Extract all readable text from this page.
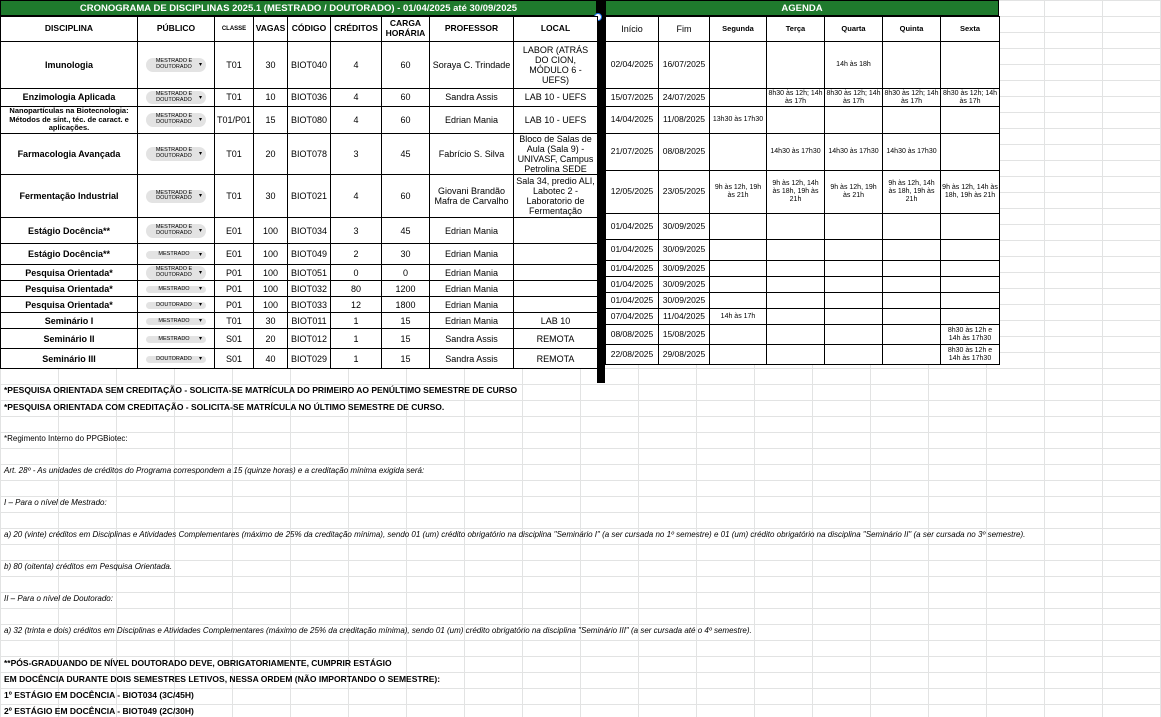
CRONOGRAMA DE DISCIPLINAS 2025.1 (MESTRADO / DOUTORADO) - 01/04/2025 até 30/09/2025	AGENDA
DISCIPLINA	PÚBLICO	CLASSE	VAGAS	CÓDIGO	CRÉDITOS	CARGA HORÁRIA	PROFESSOR	LOCAL
Imunologia	MESTRADO E DOUTORADO ▾	T01	30	BIOT040	4	60	Soraya C. Trindade	LABOR (ATRÁS DO CION, MÓDULO 6 - UEFS)
Enzimologia Aplicada	MESTRADO E DOUTORADO ▾	T01	10	BIOT036	4	60	Sandra Assis	LAB 10 - UEFS
Nanopartículas na Biotecnologia: Métodos de sínt., téc. de caract. e aplicações.	MESTRADO E DOUTORADO ▾	T01/P01	15	BIOT080	4	60	Edrian Mania	LAB 10 - UEFS
Farmacologia Avançada	MESTRADO E DOUTORADO ▾	T01	20	BIOT078	3	45	Fabrício S. Silva	Bloco de Salas de Aula (Sala 9) - UNIVASF, Campus Petrolina SEDE
Fermentação Industrial	MESTRADO E DOUTORADO ▾	T01	30	BIOT021	4	60	Giovani Brandão Mafra de Carvalho	Sala 34, predio ALI, Labotec 2 - Laboratorio de Fermentação
Estágio Docência**	MESTRADO E DOUTORADO ▾	E01	100	BIOT034	3	45	Edrian Mania	
Estágio Docência**	MESTRADO ▾	E01	100	BIOT049	2	30	Edrian Mania	
Pesquisa Orientada*	MESTRADO E DOUTORADO ▾	P01	100	BIOT051	0	0	Edrian Mania	
Pesquisa Orientada*	MESTRADO ▾	P01	100	BIOT032	80	1200	Edrian Mania	
Pesquisa Orientada*	DOUTORADO ▾	P01	100	BIOT033	12	1800	Edrian Mania	
Seminário I	MESTRADO ▾	T01	30	BIOT011	1	15	Edrian Mania	LAB 10
Seminário II	MESTRADO ▾	S01	20	BIOT012	1	15	Sandra Assis	REMOTA
Seminário III	DOUTORADO ▾	S01	40	BIOT029	1	15	Sandra Assis	REMOTA
Início	Fim	Segunda	Terça	Quarta	Quinta	Sexta
02/04/2025	16/07/2025			14h às 18h		
15/07/2025	24/07/2025		8h30 às 12h; 14h às 17h	8h30 às 12h; 14h às 17h	8h30 às 12h; 14h às 17h	8h30 às 12h; 14h às 17h
14/04/2025	11/08/2025	13h30 às 17h30				
21/07/2025	08/08/2025		14h30 às 17h30	14h30 às 17h30	14h30 às 17h30	
12/05/2025	23/05/2025	9h às 12h, 19h às 21h	9h às 12h, 14h às 18h, 19h às 21h	9h às 12h, 19h às 21h	9h às 12h, 14h às 18h, 19h às 21h	9h às 12h, 14h às 18h, 19h às 21h
01/04/2025	30/09/2025					
01/04/2025	30/09/2025					
01/04/2025	30/09/2025					
01/04/2025	30/09/2025					
01/04/2025	30/09/2025					
07/04/2025	11/04/2025	14h às 17h				
08/08/2025	15/08/2025					8h30 às 12h e 14h às 17h30
22/08/2025	29/08/2025					8h30 às 12h e 14h às 17h30
*PESQUISA ORIENTADA SEM CREDITAÇÃO - SOLICITA-SE MATRÍCULA DO PRIMEIRO AO PENÚLTIMO SEMESTRE DE CURSO
*PESQUISA ORIENTADA COM CREDITAÇÃO - SOLICITA-SE MATRÍCULA NO ÚLTIMO SEMESTRE DE CURSO.
*Regimento Interno do PPGBiotec:
Art. 28º - As unidades de créditos do Programa correspondem a 15 (quinze horas) e a creditação mínima exigida será:
I – Para o nível de Mestrado:
a) 20 (vinte) créditos em Disciplinas e Atividades Complementares (máximo de 25% da creditação mínima), sendo 01 (um) crédito obrigatório na disciplina "Seminário I" (a ser cursada no 1º semestre) e 01 (um) crédito obrigatório na disciplina "Seminário II" (a ser cursada no 3º semestre).
b) 80 (oitenta) créditos em Pesquisa Orientada.
II – Para o nível de Doutorado:
a) 32 (trinta e dois) créditos em Disciplinas e Atividades Complementares (máximo de 25% da creditação mínima), sendo 01 (um) crédito obrigatório na disciplina "Seminário III" (a ser cursada até o 4º semestre).
**PÓS-GRADUANDO DE NÍVEL DOUTORADO DEVE, OBRIGATORIAMENTE, CUMPRIR ESTÁGIO
EM DOCÊNCIA DURANTE DOIS SEMESTRES LETIVOS, NESSA ORDEM (NÃO IMPORTANDO O SEMESTRE):
1º ESTÁGIO EM DOCÊNCIA - BIOT034 (3C/45H)
2º ESTÁGIO EM DOCÊNCIA - BIOT049 (2C/30H)
